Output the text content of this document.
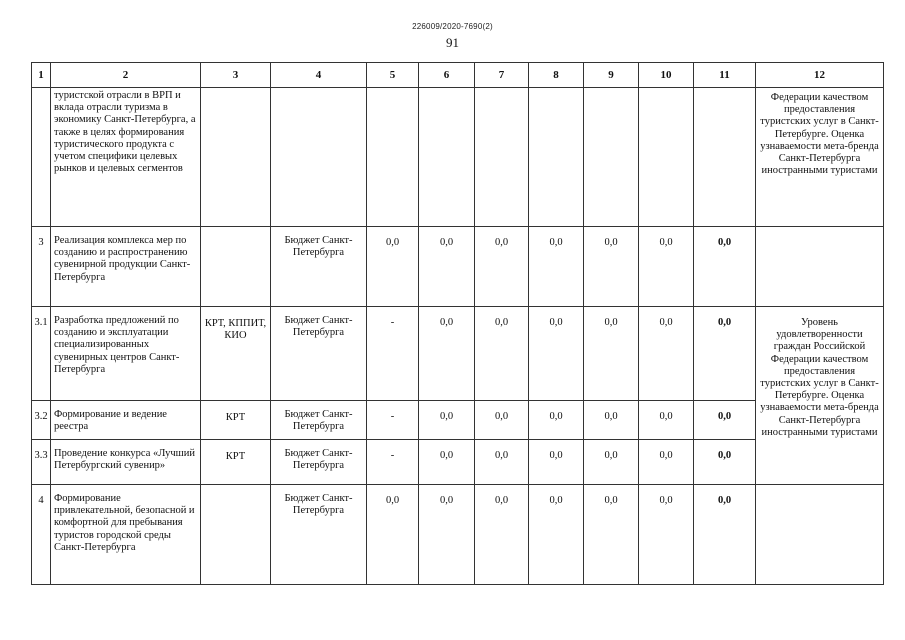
226009/2020-7690(2)
91
1	2	3	4	5	6	7	8	9	10	11	12
	туристской отрасли в ВРП и вклада отрасли туризма в экономику Санкт-Петербурга, а также в целях формирования туристического продукта с учетом специфики целевых рынков и целевых сегментов										Федерации качеством предоставления туристских услуг в Санкт-Петербурге. Оценка узнаваемости мета-бренда Санкт-Петербурга иностранными туристами
3	Реализация комплекса мер по созданию и распространению сувенирной продукции Санкт-Петербурга		Бюджет Санкт-Петербурга	0,0	0,0	0,0	0,0	0,0	0,0	0,0	
3.1	Разработка предложений по созданию и эксплуатации специализированных сувенирных центров Санкт-Петербурга	КРТ, КППИТ, КИО	Бюджет Санкт-Петербурга	-	0,0	0,0	0,0	0,0	0,0	0,0	Уровень удовлетворенности граждан Российской Федерации качеством предоставления туристских услуг в Санкт-Петербурге. Оценка узнаваемости мета-бренда Санкт-Петербурга иностранными туристами
3.2	Формирование и ведение реестра	КРТ	Бюджет Санкт-Петербурга	-	0,0	0,0	0,0	0,0	0,0	0,0	
3.3	Проведение конкурса «Лучший Петербургский сувенир»	КРТ	Бюджет Санкт-Петербурга	-	0,0	0,0	0,0	0,0	0,0	0,0	
4	Формирование привлекательной, безопасной и комфортной для пребывания туристов городской среды Санкт-Петербурга		Бюджет Санкт-Петербурга	0,0	0,0	0,0	0,0	0,0	0,0	0,0	
